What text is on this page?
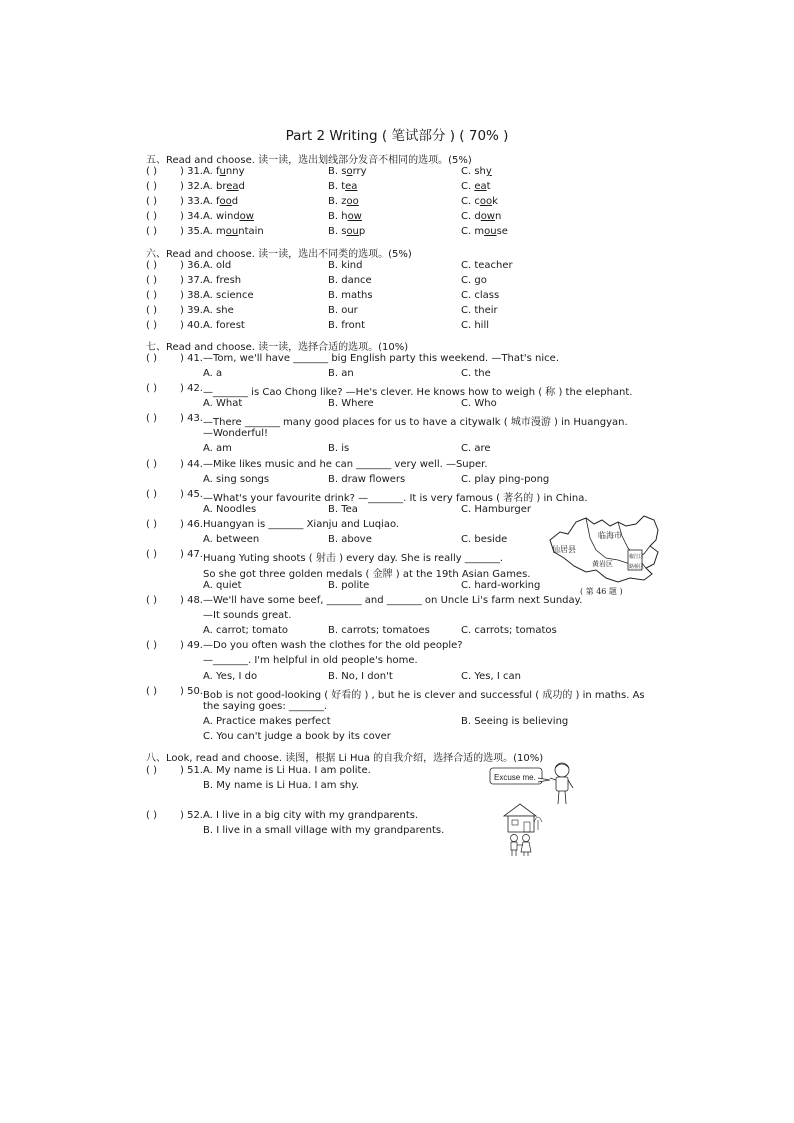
Part 2 Writing ( 笔试部分 ) ( 70% )
五、Read and choose. 读一读，选出划线部分发音不相同的选项。(5%)
( ) ) 31. A. funny	B. sorry	C. shy
( ) ) 32. A. bread	B. tea	C. eat
( ) ) 33. A. food	B. zoo	C. cook
( ) ) 34. A. window	B. how	C. down
( ) ) 35. A. mountain	B. soup	C. mouse
六、Read and choose. 读一读，选出不同类的选项。(5%)
( ) ) 36. A. old	B. kind	C. teacher
( ) ) 37. A. fresh	B. dance	C. go
( ) ) 38. A. science	B. maths	C. class
( ) ) 39. A. she	B. our	C. their
( ) ) 40. A. forest	B. front	C. hill
七、Read and choose. 读一读，选择合适的选项。(10%)
( ) ) 41. —Tom, we'll have _______ big English party this weekend. —That's nice.
A. a	B. an	C. the
( ) ) 42. —_______ is Cao Chong like? —He's clever. He knows how to weigh ( 称 ) the elephant.
A. What	B. Where	C. Who
( ) ) 43. —There _______ many good places for us to have a citywalk ( 城市漫游 ) in Huangyan.
—Wonderful!
A. am	B. is	C. are
( ) ) 44. —Mike likes music and he can _______ very well. —Super.
A. sing songs	B. draw flowers	C. play ping-pong
( ) ) 45. —What's your favourite drink? —_______. It is very famous ( 著名的 ) in China.
A. Noodles	B. Tea	C. Hamburger
( ) ) 46. Huangyan is _______ Xianju and Luqiao.
A. between	B. above	C. beside
( ) ) 47. Huang Yuting shoots ( 射击 ) every day. She is really _______.
So she got three golden medals ( 金牌 ) at the 19th Asian Games.
A. quiet	B. polite	C. hard-working
( ) ) 48. —We'll have some beef, _______ and _______ on Uncle Li's farm next Sunday.
—It sounds great.
A. carrot; tomato	B. carrots; tomatoes	C. carrots; tomatos
( ) ) 49. —Do you often wash the clothes for the old people?
—_______. I'm helpful in old people's home.
A. Yes, I do	B. No, I don't	C. Yes, I can
( ) ) 50. Bob is not good-looking ( 好看的 ) , but he is clever and successful ( 成功的 ) in maths. As
the saying goes: _______.
A. Practice makes perfect	B. Seeing is believing
C. You can't judge a book by its cover
八、Look, read and choose. 读图，根据 Li Hua 的自我介绍，选择合适的选项。(10%)
( ) ) 51. A. My name is Li Hua. I am polite.
B. My name is Li Hua. I am shy.
( ) ) 52. A. I live in a big city with my grandparents.
B. I live in a small village with my grandparents.
临海市
仙居县
椒江区
黄岩区	路桥区
( 第 46 题 )
Excuse me.
